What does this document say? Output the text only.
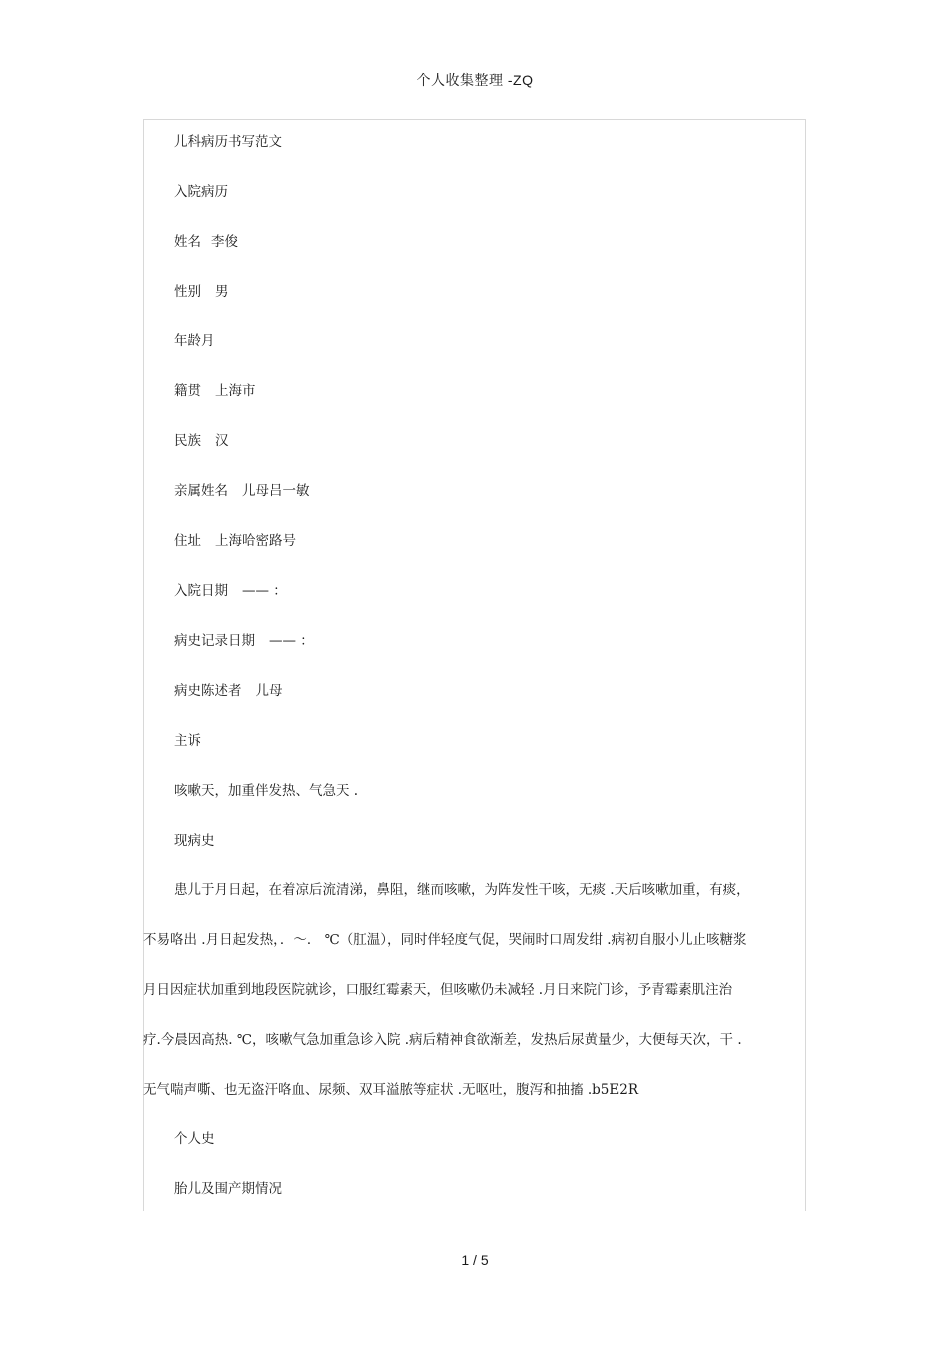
个人收集整理 -ZQ
儿科病历书写范文
入院病历
姓名 李俊
性别 男
年龄月
籍贯 上海市
民族 汉
亲属姓名 儿母吕一敏
住址 上海哈密路号
入院日期 —— ：
病史记录日期 —— ：
病史陈述者 儿母
主诉
咳嗽天，加重伴发热、气急天 .
现病史
患儿于月日起，在着凉后流清涕，鼻阻，继而咳嗽，为阵发性干咳，无痰 .天后咳嗽加重，有痰，
不易咯出 .月日起发热，．～． ℃（肛温），同时伴轻度气促，哭闹时口周发绀 .病初自服小儿止咳糖浆
月日因症状加重到地段医院就诊，口服红霉素天，但咳嗽仍未减轻 .月日来院门诊，予青霉素肌注治
疗.今晨因高热. ℃，咳嗽气急加重急诊入院 .病后精神食欲渐差，发热后尿黄量少，大便每天次，干 .
无气喘声嘶、也无盗汗咯血、尿频、双耳溢脓等症状 .无呕吐，腹泻和抽搐 .b5E2R
个人史
胎儿及围产期情况
1 / 5
